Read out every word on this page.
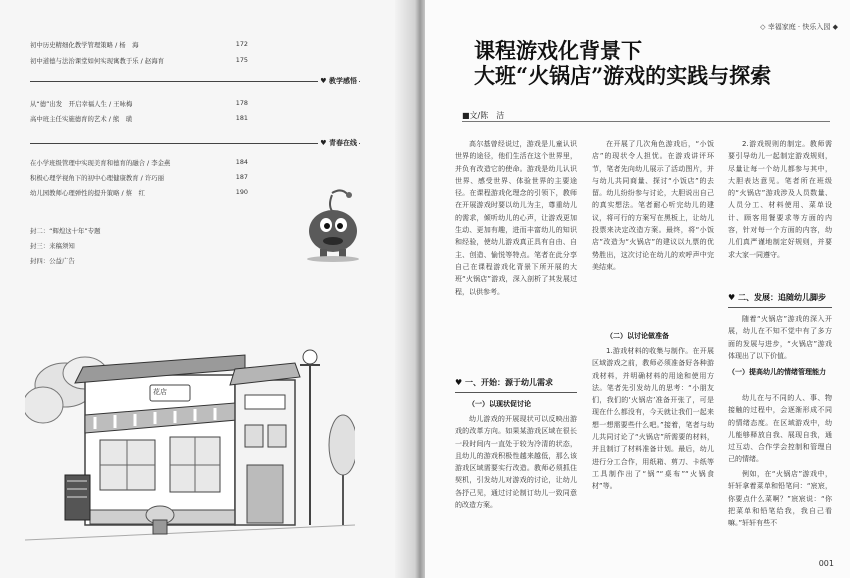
初中历史精细化教学管理策略 / 杨　海	172
初中道德与法治课堂如何实现寓教于乐 / 赵海育	175
♥ 教学感悟
从“德”出发　开启幸福人生 / 王咏梅	178
高中班主任实施德育的艺术 / 熊　璜	181
♥ 青春在线
在小学班级管理中实现美育和德育的融合 / 李金燕	184
积极心理学视角下的初中心理健康教育 / 许巧丽	187
幼儿园教师心理弹性的提升策略 / 蔡　红	190
封二：“辉煌这十年”专题
封三：来稿须知
封四：公益广告
花店
◇ 幸福家庭 · 快乐入园 ◆
课程游戏化背景下
大班“火锅店”游戏的实践与探索
■文/陈　洁

高尔基曾经说过，游戏是儿童认识世界的途径，他们生活在这个世界里，并负有改造它的使命。游戏是幼儿认识世界、感受世界、体验世界的主要途径。在课程游戏化理念的引领下，教师在开展游戏时要以幼儿为主，尊重幼儿的需求，倾听幼儿的心声，让游戏更加生动、更加有趣，进而丰富幼儿的知识和经验，使幼儿游戏真正具有自由、自主、创造、愉悦等特点。笔者在此分享自己在课程游戏化背景下所开展的大班“火锅店”游戏，深入剖析了其发展过程，以供参考。

♥ 一、开始：源于幼儿需求
（一）以现状促讨论

幼儿游戏的开展现状可以反映出游戏的改革方向。如果某游戏区域在很长一段时间内一直处于较为冷清的状态，且幼儿的游戏积极性越来越低，那么该游戏区域需要实行改造。教师必须抓住契机，引发幼儿对游戏的讨论，让幼儿各抒己见，通过讨论制订幼儿一致同意的改造方案。

在开展了几次角色游戏后，“小饭店”的现状令人担忧。在游戏讲评环节，笔者先向幼儿展示了活动图片，并与幼儿共同商量、探讨“小饭店”的去留。幼儿纷纷参与讨论，大胆说出自己的真实想法。笔者耐心听完幼儿的建议，将可行的方案写在黑板上，让幼儿投票来决定改造方案。最终，将“小饭店”改造为“火锅店”的建议以九票的优势胜出，这次讨论在幼儿的欢呼声中完美结束。

（二）以讨论做准备

1.游戏材料的收集与制作。在开展区域游戏之前，教师必须准备好各种游戏材料，并明确材料的用途和使用方法。笔者先引发幼儿的思考：“小朋友们，我们的‘火锅店’准备开张了，可是现在什么都没有，今天就让我们一起来想一想需要些什么吧。”接着，笔者与幼儿共同讨论了“火锅店”所需要的材料，并且制订了材料准备计划。最后，幼儿进行分工合作，用纸箱、剪刀、卡纸等工具制作出了“锅”“桌布”“火锅食材”等。

2.游戏规则的制定。教师需要引导幼儿一起制定游戏规则，尽量让每一个幼儿都参与其中，大胆表达意见。笔者所在班级的“火锅店”游戏涉及人员数量、人员分工、材料使用、菜单设计、顾客用餐要求等方面的内容，针对每一个方面的内容，幼儿们真严谨地制定好规则，并要求大家一同遵守。

♥ 二、发展：追随幼儿脚步

随着“火锅店”游戏的深入开展，幼儿在不知不觉中有了多方面的发展与进步，“火锅店”游戏体现出了以下价值。

（一）提高幼儿的情绪管理能力

幼儿在与不同的人、事、物接触的过程中，会逐渐形成不同的情绪态度。在区域游戏中，幼儿能够释放自我、展现自我，通过互动、合作学会控制和管理自己的情绪。

例如，在“火锅店”游戏中，轩轩拿着菜单和铅笔问：“宸宸，你要点什么菜啊？”宸宸说：“你把菜单和铅笔给我，我自己看嘛。”轩轩有些不

001
